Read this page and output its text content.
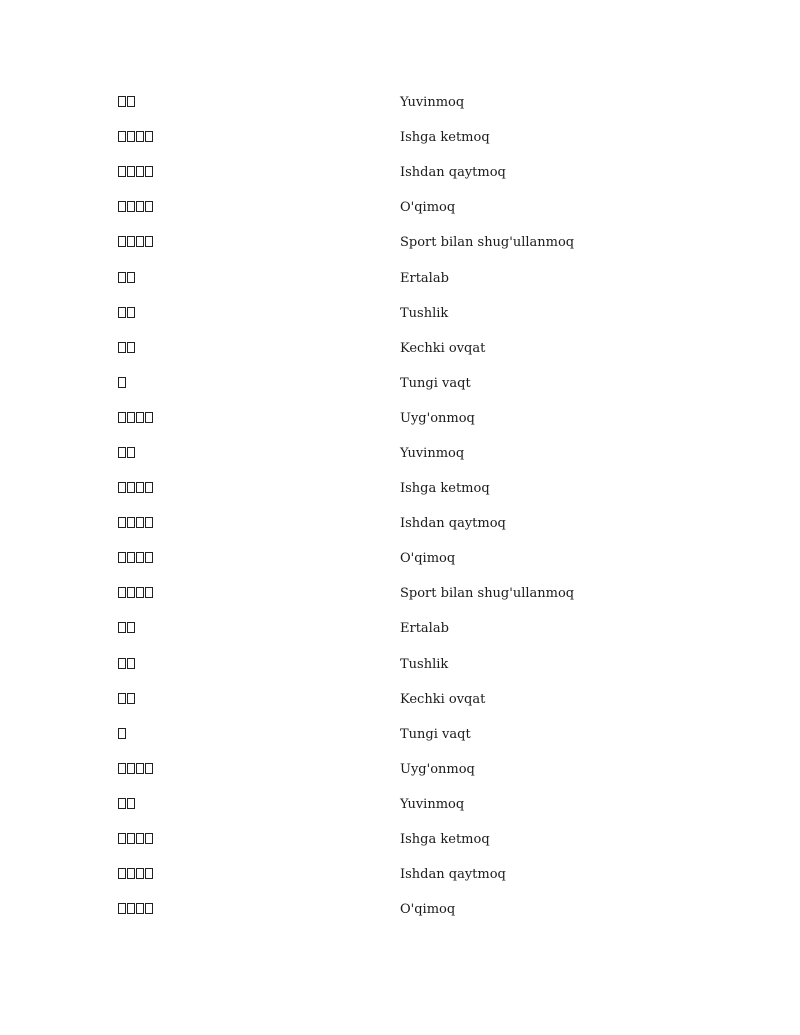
Yuvinmoq
Ishga ketmoq
Ishdan qaytmoq
O'qimoq
Sport bilan shug'ullanmoq
Ertalab
Tushlik
Kechki ovqat
Tungi vaqt
Uyg'onmoq
Yuvinmoq
Ishga ketmoq
Ishdan qaytmoq
O'qimoq
Sport bilan shug'ullanmoq
Ertalab
Tushlik
Kechki ovqat
Tungi vaqt
Uyg'onmoq
Yuvinmoq
Ishga ketmoq
Ishdan qaytmoq
O'qimoq
